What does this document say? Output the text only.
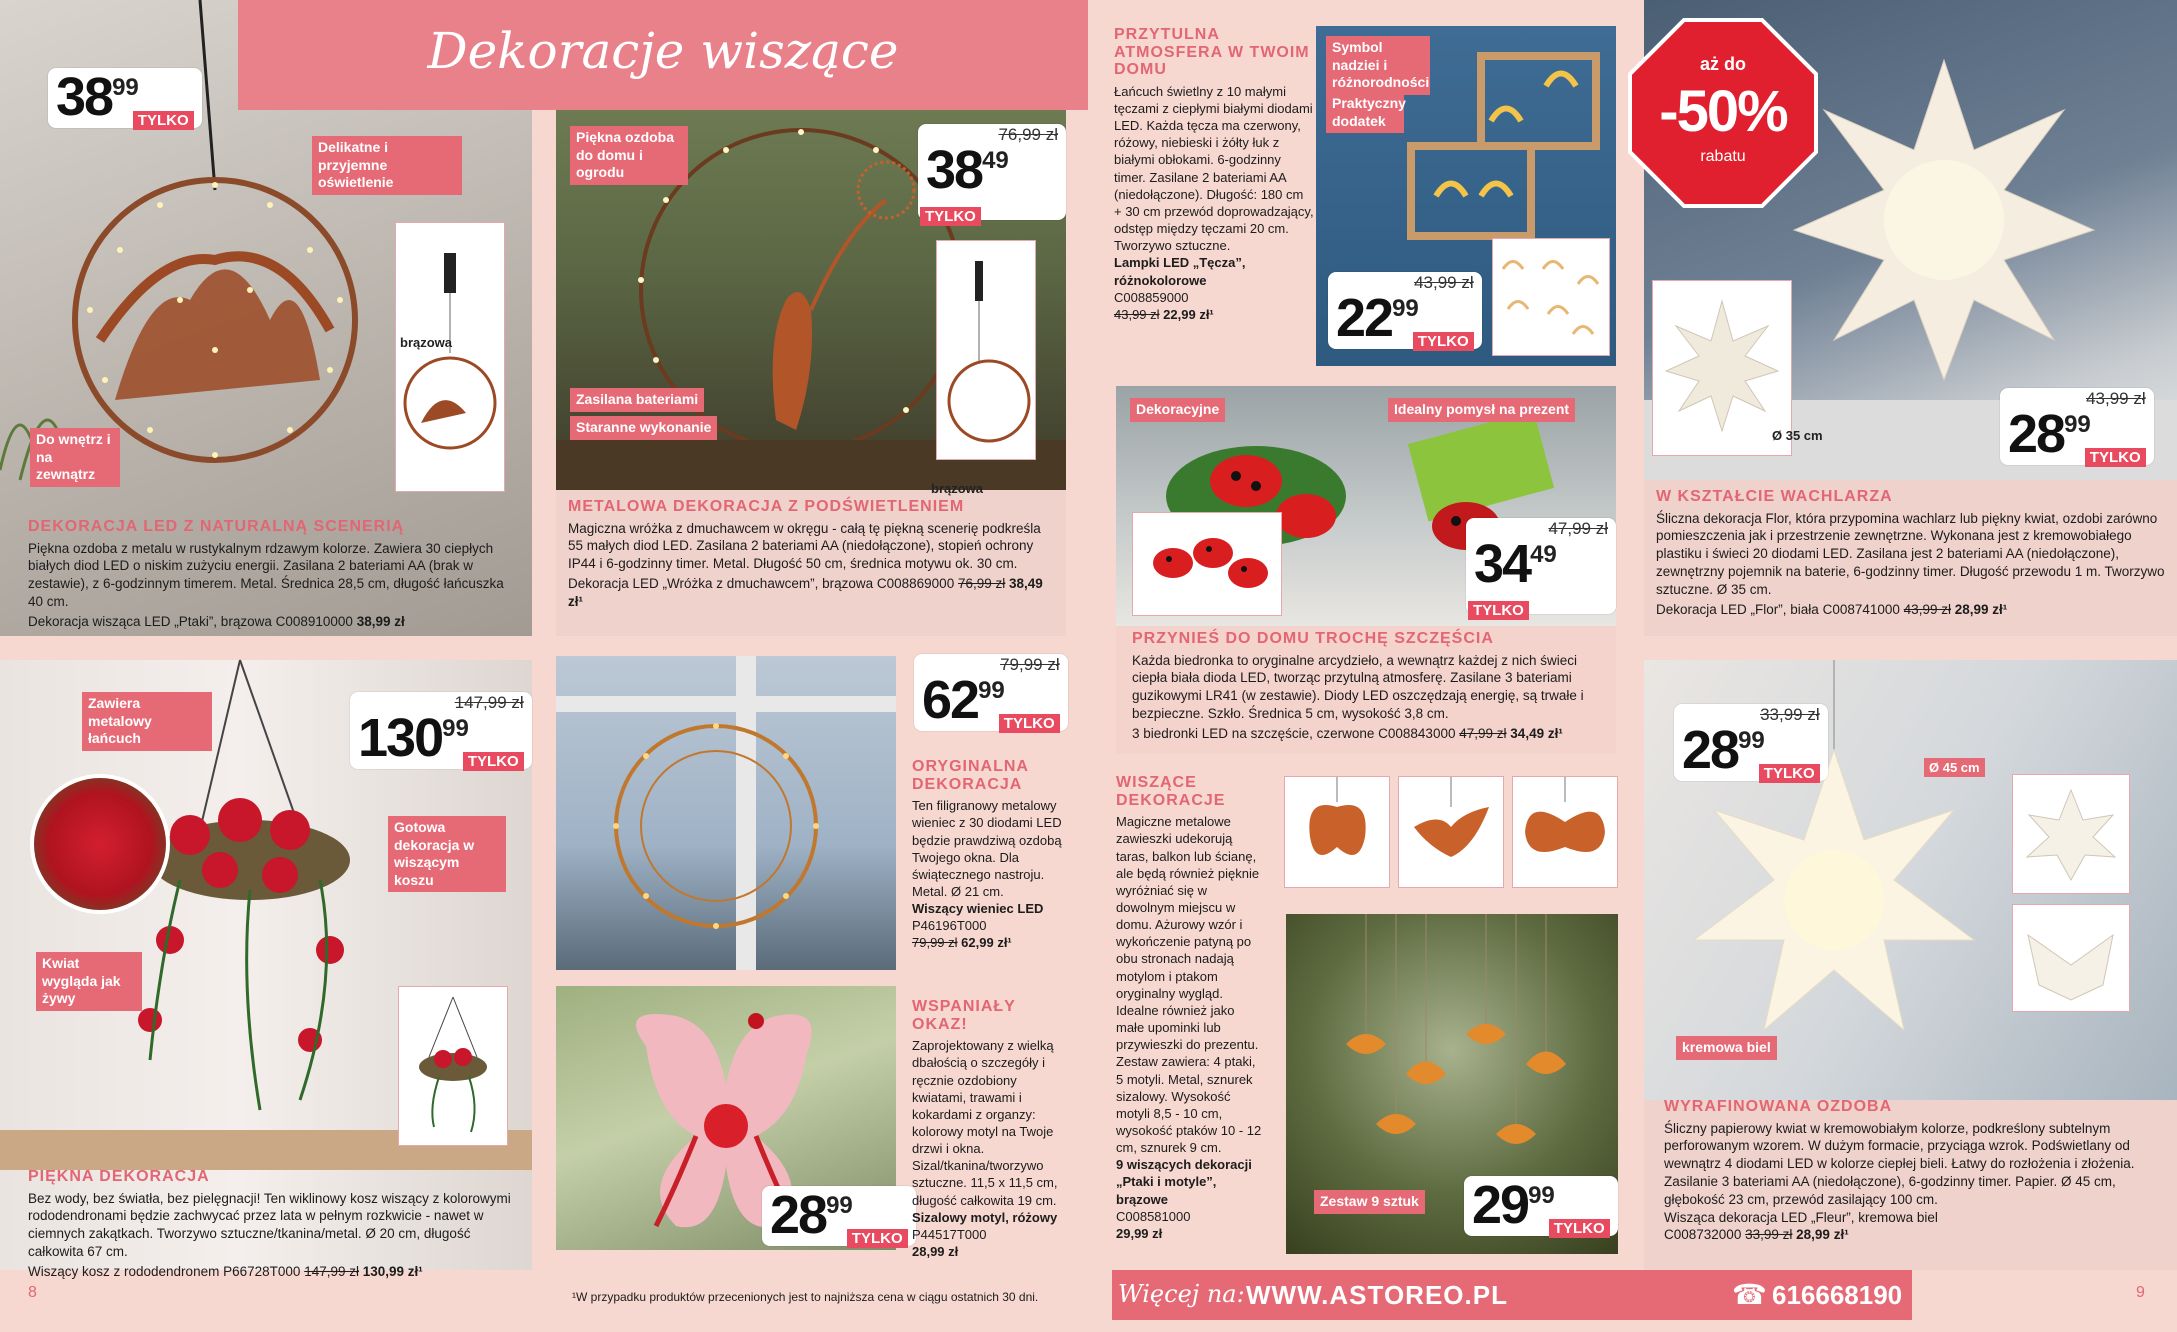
brązowa
3899TYLKO
Delikatne i przyjemne oświetlenie
Do wnętrz i na zewnątrz
DEKORACJA LED Z NATURALNĄ SCENERIĄ
Piękna ozdoba z metalu w rustykalnym rdzawym kolorze. Zawiera 30 ciepłych białych diod LED o niskim zużyciu energii. Zasilana 2 bateriami AA (brak w zestawie), z 6-godzinnym timerem. Metal. Średnica 28,5 cm, długość łańcuszka 40 cm.
Dekoracja wisząca LED „Ptaki”, brązowa C008910000 38,99 zł
Dekoracje wiszące
brązowa
76,99 zł
3849TYLKO
Piękna ozdoba do domu i ogrodu
Zasilana bateriami
Staranne wykonanie
METALOWA DEKORACJA Z PODŚWIETLENIEM
Magiczna wróżka z dmuchawcem w okręgu - całą tę piękną scenerię podkreśla 55 małych diod LED. Zasilana 2 bateriami AA (niedołączone), stopień ochrony IP44 i 6-godzinny timer. Metal. Długość 50 cm, średnica motywu ok. 30 cm.
Dekoracja LED „Wróżka z dmuchawcem”, brązowa C008869000 76,99 zł 38,49 zł¹
147,99 zł
13099TYLKO
Zawiera metalowy łańcuch
Gotowa dekoracja w wiszącym koszu
Kwiat wygląda jak żywy
PIĘKNA DEKORACJA
Bez wody, bez światła, bez pielęgnacji! Ten wiklinowy kosz wiszący z kolorowymi rododendronami będzie zachwycać przez lata w pełnym rozkwicie - nawet w ciemnych zakątkach. Tworzywo sztuczne/tkanina/metal. Ø 20 cm, długość całkowita 67 cm.
Wiszący kosz z rododendronem P66728T000 147,99 zł 130,99 zł¹
8
79,99 zł
6299TYLKO
ORYGINALNA DEKORACJA
Ten filigranowy metalowy wieniec z 30 diodami LED będzie prawdziwą ozdobą Twojego okna. Dla świątecznego nastroju. Metal. Ø 21 cm.
Wiszący wieniec LED
P46196T000
79,99 zł 62,99 zł¹
2899TYLKO
WSPANIAŁY OKAZ!
Zaprojektowany z wielką dbałością o szczegóły i ręcznie ozdobiony kwiatami, trawami i kokardami z organzy: kolorowy motyl na Twoje drzwi i okna. Sizal/tkanina/tworzywo sztuczne. 11,5 x 11,5 cm, długość całkowita 19 cm.
Sizalowy motyl, różowy
P44517T000
28,99 zł
¹W przypadku produktów przecenionych jest to najniższa cena w ciągu ostatnich 30 dni.
PRZYTULNA ATMOSFERA W TWOIM DOMU
Łańcuch świetlny z 10 małymi tęczami z ciepłymi białymi diodami LED. Każda tęcza ma czerwony, różowy, niebieski i żółty łuk z białymi obłokami. 6-godzinny timer. Zasilane 2 bateriami AA (niedołączone). Długość: 180 cm + 30 cm przewód doprowadzający, odstęp między tęczami 20 cm. Tworzywo sztuczne.
Lampki LED „Tęcza”, różnokolorowe
C008859000
43,99 zł 22,99 zł¹
Symbol nadziei i różnorodności
Praktyczny dodatek
43,99 zł
2299TYLKO
Dekoracyjne	Idealny pomysł na prezent
47,99 zł
3449TYLKO
PRZYNIEŚ DO DOMU TROCHĘ SZCZĘŚCIA
Każda biedronka to oryginalne arcydzieło, a wewnątrz każdej z nich świeci ciepła biała dioda LED, tworząc przytulną atmosferę. Zasilane 3 bateriami guzikowymi LR41 (w zestawie). Diody LED oszczędzają energię, są trwałe i bezpieczne. Szkło. Średnica 5 cm, wysokość 3,8 cm.
3 biedronki LED na szczęście, czerwone C008843000 47,99 zł 34,49 zł¹
WISZĄCE DEKORACJE
Magiczne metalowe zawieszki udekorują taras, balkon lub ścianę, ale będą również pięknie wyróżniać się w dowolnym miejscu w domu. Ażurowy wzór i wykończenie patyną po obu stronach nadają motylom i ptakom oryginalny wygląd. Idealne również jako małe upominki lub przywieszki do prezentu. Zestaw zawiera: 4 ptaki, 5 motyli. Metal, sznurek sizalowy. Wysokość motyli 8,5 - 10 cm, wysokość ptaków 10 - 12 cm, sznurek 9 cm.
9 wiszących dekoracji „Ptaki i motyle”, brązowe
C008581000
29,99 zł
Zestaw 9 sztuk 2999TYLKO
Ø 35 cm
43,99 zł
2899TYLKO
W KSZTAŁCIE WACHLARZA
Śliczna dekoracja Flor, która przypomina wachlarz lub piękny kwiat, ozdobi zarówno pomieszczenia jak i przestrzenie zewnętrzne. Wykonana jest z kremowobiałego plastiku i świeci 20 diodami LED. Zasilana jest 2 bateriami AA (niedołączone), zewnętrzny pojemnik na baterie, 6-godzinny timer. Długość przewodu 1 m. Tworzywo sztuczne. Ø 35 cm.
Dekoracja LED „Flor”, biała C008741000 43,99 zł 28,99 zł¹
aż do
-50%
rabatu
Ø 45 cm
kremowa biel
33,99 zł
2899TYLKO
WYRAFINOWANA OZDOBA
Śliczny papierowy kwiat w kremowobiałym kolorze, podkreślony subtelnym perforowanym wzorem. W dużym formacie, przyciąga wzrok. Podświetlany od wewnątrz 4 diodami LED w kolorze ciepłej bieli. Łatwy do rozłożenia i złożenia. Zasilanie 3 bateriami AA (niedołączone), 6-godzinny timer. Papier. Ø 45 cm, głębokość 23 cm, przewód zasilający 100 cm.
Wisząca dekoracja LED „Fleur”, kremowa biel
C008732000 33,99 zł 28,99 zł¹
Więcej na: WWW.ASTOREO.PL	☎ 616668190	9
